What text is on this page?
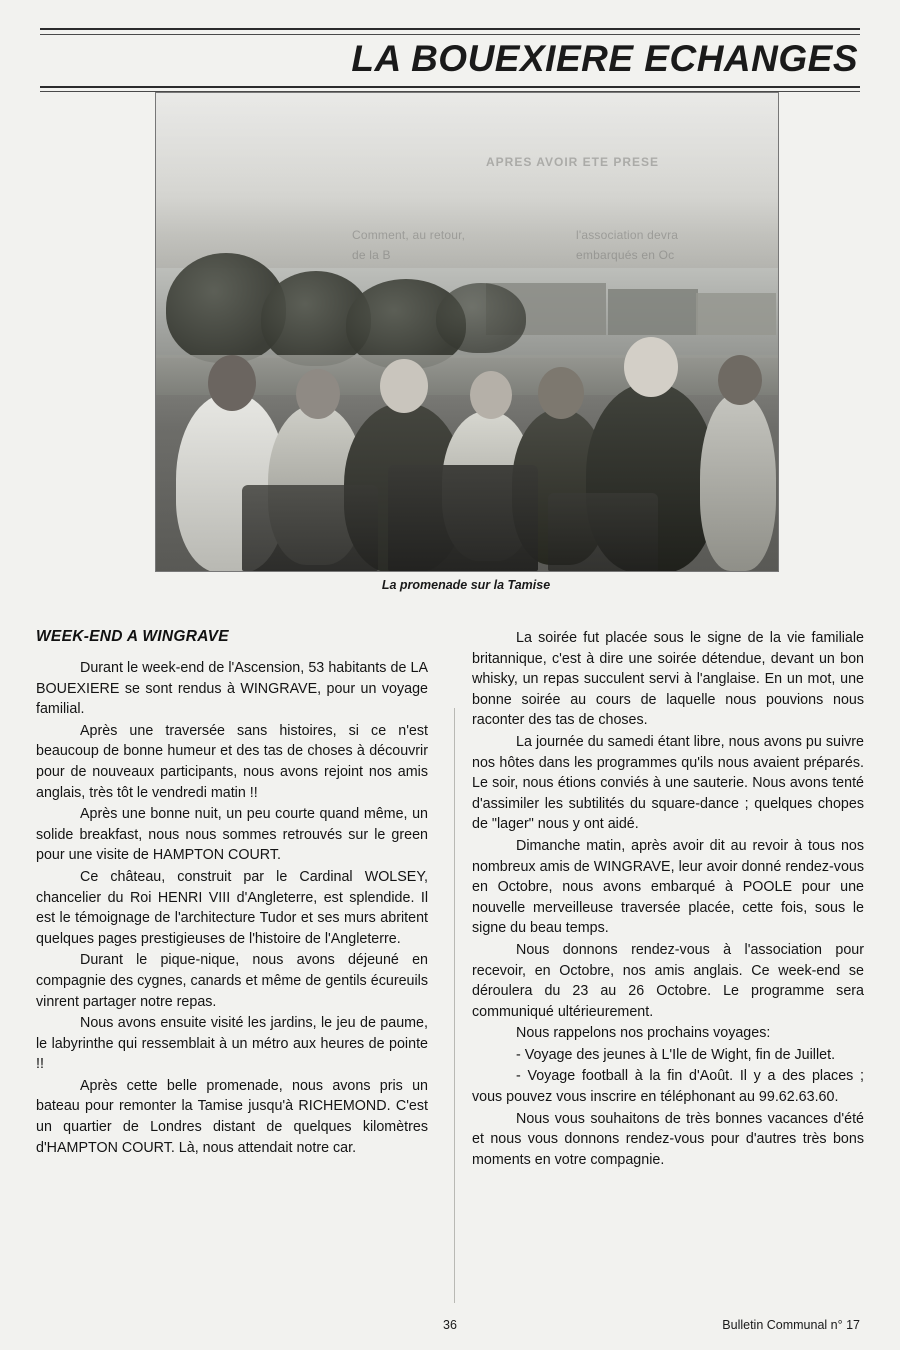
LA BOUEXIERE ECHANGES
APRES AVOIR ETE PRESE
Comment, au retour,	l'association devra
de la B	embarqués en Oc
La promenade sur la Tamise
WEEK-END A WINGRAVE

Durant le week-end de l'Ascension, 53 habitants de LA BOUEXIERE se sont rendus à WINGRAVE, pour un voyage familial.

Après une traversée sans histoires, si ce n'est beaucoup de bonne humeur et des tas de choses à découvrir pour de nouveaux participants, nous avons rejoint nos amis anglais, très tôt le vendredi matin !!

Après une bonne nuit, un peu courte quand même, un solide breakfast, nous nous sommes retrouvés sur le green pour une visite de HAMPTON COURT.

Ce château, construit par le Cardinal WOLSEY, chancelier du Roi HENRI VIII d'Angleterre, est splendide. Il est le témoignage de l'architecture Tudor et ses murs abritent quelques pages prestigieuses de l'histoire de l'Angleterre.

Durant le pique-nique, nous avons déjeuné en compagnie des cygnes, canards et même de gentils écureuils vinrent partager notre repas.

Nous avons ensuite visité les jardins, le jeu de paume, le labyrinthe qui ressemblait à un métro aux heures de pointe !!

Après cette belle promenade, nous avons pris un bateau pour remonter la Tamise jusqu'à RICHEMOND. C'est un quartier de Londres distant de quelques kilomètres d'HAMPTON COURT. Là, nous attendait notre car.

La soirée fut placée sous le signe de la vie familiale britannique, c'est à dire une soirée détendue, devant un bon whisky, un repas succulent servi à l'anglaise. En un mot, une bonne soirée au cours de laquelle nous pouvions nous raconter des tas de choses.

La journée du samedi étant libre, nous avons pu suivre nos hôtes dans les programmes qu'ils nous avaient préparés. Le soir, nous étions conviés à une sauterie. Nous avons tenté d'assimiler les subtilités du square-dance ; quelques chopes de "lager" nous y ont aidé.

Dimanche matin, après avoir dit au revoir à tous nos nombreux amis de WINGRAVE, leur avoir donné rendez-vous en Octobre, nous avons embarqué à POOLE pour une nouvelle merveilleuse traversée placée, cette fois, sous le signe du beau temps.

Nous donnons rendez-vous à l'association pour recevoir, en Octobre, nos amis anglais. Ce week-end se déroulera du 23 au 26 Octobre. Le programme sera communiqué ultérieurement.

Nous rappelons nos prochains voyages:

- Voyage des jeunes à L'Ile de Wight, fin de Juillet.

- Voyage football à la fin d'Août. Il y a des places ; vous pouvez vous inscrire en téléphonant au 99.62.63.60.

Nous vous souhaitons de très bonnes vacances d'été et nous vous donnons rendez-vous pour d'autres très bons moments en votre compagnie.

36	Bulletin Communal n° 17
